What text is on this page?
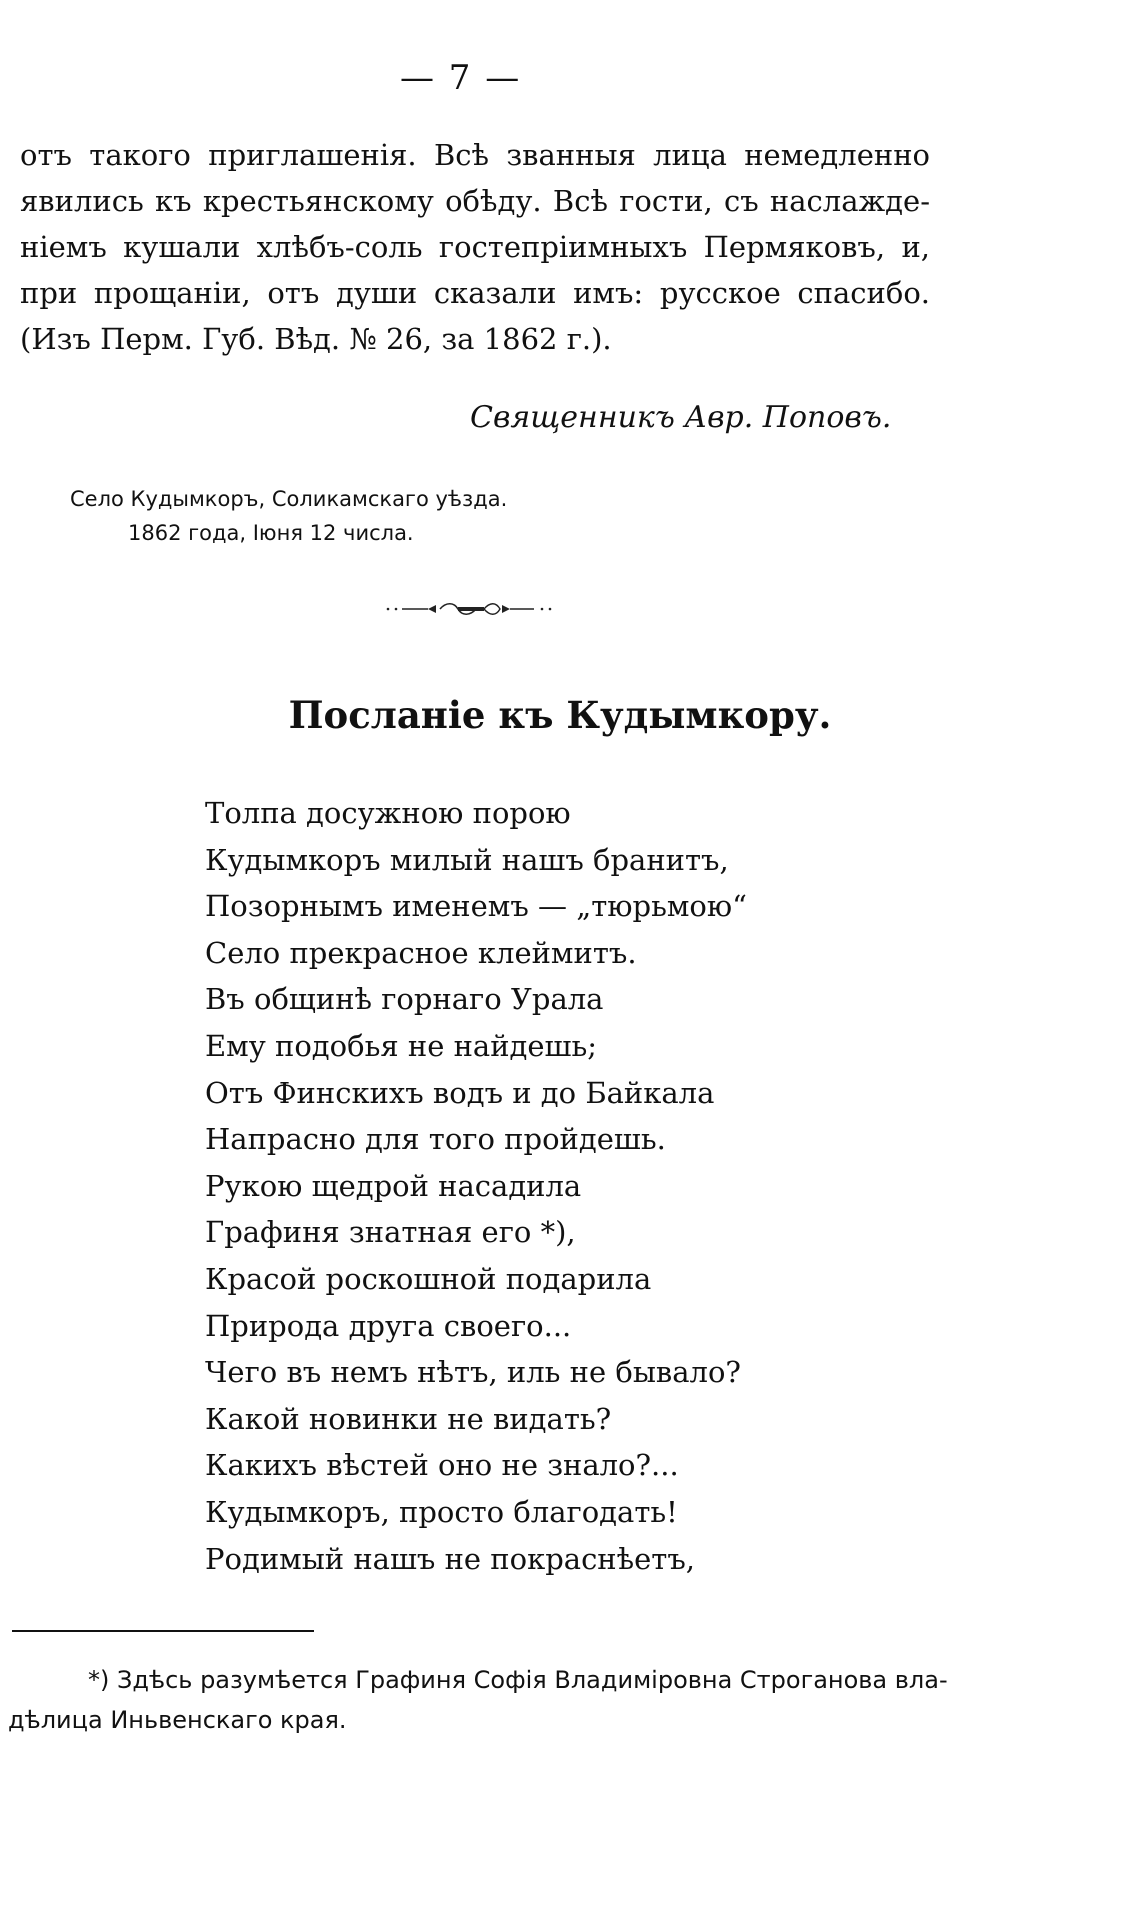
— 7 —
отъ такого приглашенія. Всѣ званныя лица немедленно
явились къ крестьянскому обѣду. Всѣ гости, съ наслажде-
ніемъ кушали хлѣбъ-соль гостепріимныхъ Пермяковъ, и,
при прощаніи, отъ души сказали имъ: русское спасибо.
(Изъ Перм. Губ. Вѣд. № 26, за 1862 г.).
Священникъ Авр. Поповъ.
Село Кудымкоръ, Соликамскаго уѣзда.
1862 года, Іюня 12 числа.
Посланіе къ Кудымкору.
Толпа досужною порою
Кудымкоръ милый нашъ бранитъ,
Позорнымъ именемъ — „тюрьмою“
Село прекрасное клеймитъ.
Въ общинѣ горнаго Урала
Ему подобья не найдешь;
Отъ Финскихъ водъ и до Байкала
Напрасно для того пройдешь.
Рукою щедрой насадила
Графиня знатная его *),
Красой роскошной подарила
Природа друга своего...
Чего въ немъ нѣтъ, иль не бывало?
Какой новинки не видать?
Какихъ вѣстей оно не знало?...
Кудымкоръ, просто благодать!
Родимый нашъ не покраснѣетъ,
*) Здѣсь разумѣется Графиня Софія Владиміровна Строганова вла-
дѣлица Иньвенскаго края.
